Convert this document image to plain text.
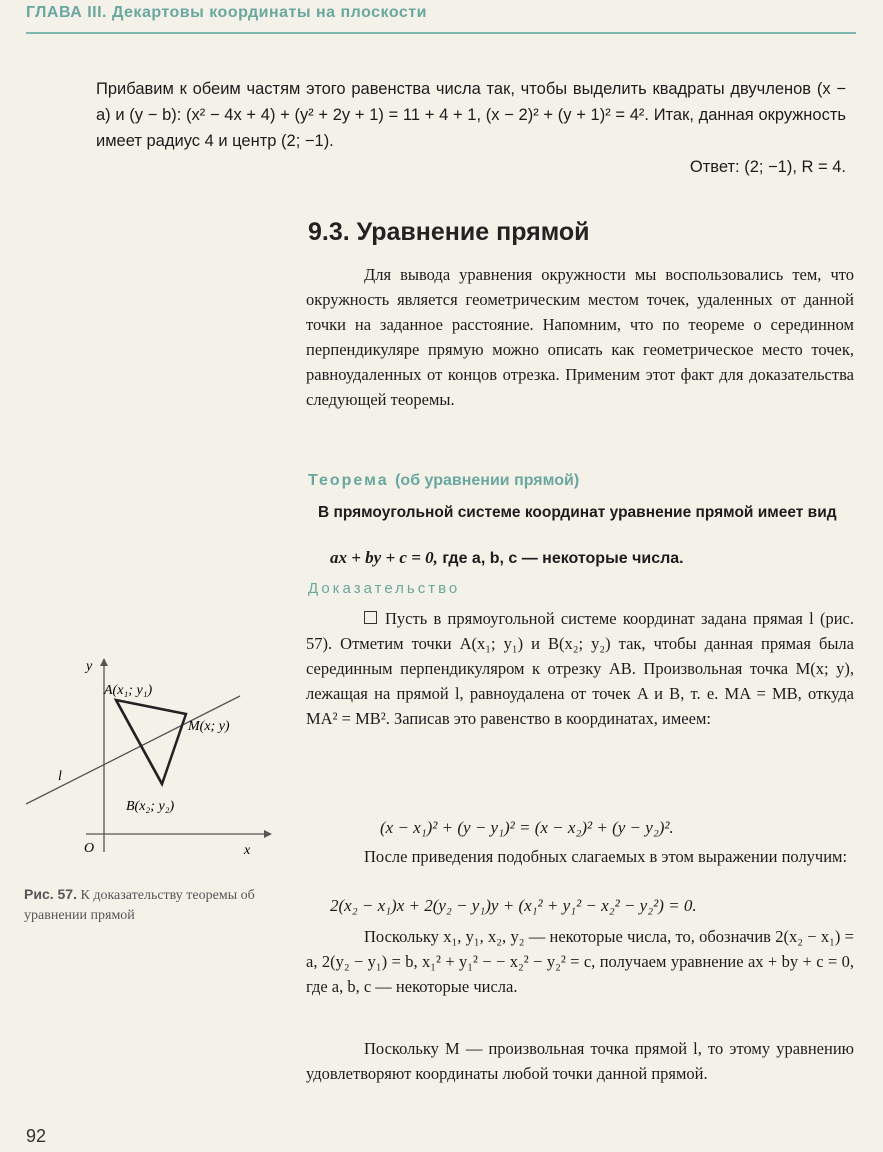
ГЛАВА III. Декартовы координаты на плоскости

Прибавим к обеим частям этого равенства числа так, чтобы выделить квадраты двучленов (x − a) и (y − b): (x² − 4x + 4) + (y² + 2y + 1) = 11 + 4 + 1, (x − 2)² + (y + 1)² = 4². Итак, данная окружность имеет радиус 4 и центр (2; −1).

Ответ: (2; −1), R = 4.

9.3. Уравнение прямой

Для вывода уравнения окружности мы воспользовались тем, что окружность является геометрическим местом точек, удаленных от данной точки на заданное расстояние. Напомним, что по теореме о серединном перпендикуляре прямую можно описать как геометрическое место точек, равноудаленных от концов отрезка. Применим этот факт для доказательства следующей теоремы.

Теорема (об уравнении прямой)
В прямоугольной системе координат уравнение прямой имеет вид
ax + by + c = 0, где a, b, c — некоторые числа.
Доказательство

Пусть в прямоугольной системе координат задана прямая l (рис. 57). Отметим точки A(x₁; y₁) и B(x₂; y₂) так, чтобы данная прямая была серединным перпендикуляром к отрезку AB. Произвольная точка M(x; y), лежащая на прямой l, равноудалена от точек A и B, т. е. MA = MB, откуда MA² = MB². Записав это равенство в координатах, имеем:

(x − x₁)² + (y − y₁)² = (x − x₂)² + (y − y₂)².

После приведения подобных слагаемых в этом выражении получим:

2(x₂ − x₁)x + 2(y₂ − y₁)y + (x₁² + y₁² − x₂² − y₂²) = 0.

Поскольку x₁, y₁, x₂, y₂ — некоторые числа, то, обозначив 2(x₂ − x₁) = a, 2(y₂ − y₁) = b, x₁² + y₁² − − x₂² − y₂² = c, получаем уравнение ax + by + c = 0, где a, b, c — некоторые числа.

Поскольку M — произвольная точка прямой l, то этому уравнению удовлетворяют координаты любой точки данной прямой.

y
x
O
l
A(x₁; y₁)
M(x; y)
B(x₂; y₂)
Рис. 57. К доказательству теоремы об уравнении прямой
92
